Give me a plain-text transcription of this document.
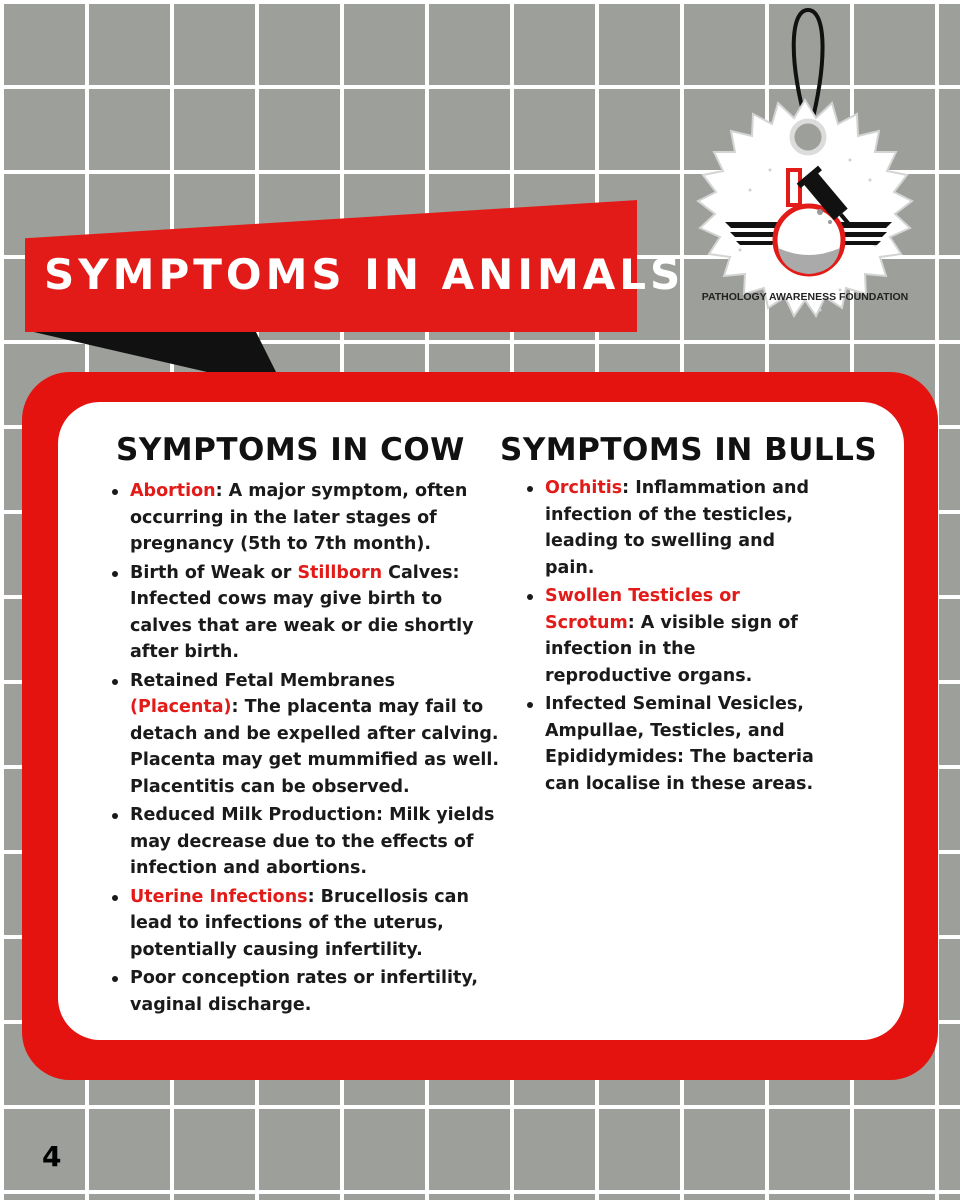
PATHOLOGY AWARENESS FOUNDATION
SYMPTOMS IN ANIMALS
SYMPTOMS IN COW SYMPTOMS IN BULLS
Abortion: A major symptom, often occurring in the later stages of pregnancy (5th to 7th month).
Birth of Weak or Stillborn Calves: Infected cows may give birth to calves that are weak or die shortly after birth.
Retained Fetal Membranes (Placenta): The placenta may fail to detach and be expelled after calving. Placenta may get mummified as well. Placentitis can be observed.
Reduced Milk Production: Milk yields may decrease due to the effects of infection and abortions.
Uterine Infections: Brucellosis can lead to infections of the uterus, potentially causing infertility.
Poor conception rates or infertility, vaginal discharge.
Orchitis: Inflammation and infection of the testicles, leading to swelling and pain.
Swollen Testicles or Scrotum: A visible sign of infection in the reproductive organs.
Infected Seminal Vesicles, Ampullae, Testicles, and Epididymides: The bacteria can localise in these areas.
4
